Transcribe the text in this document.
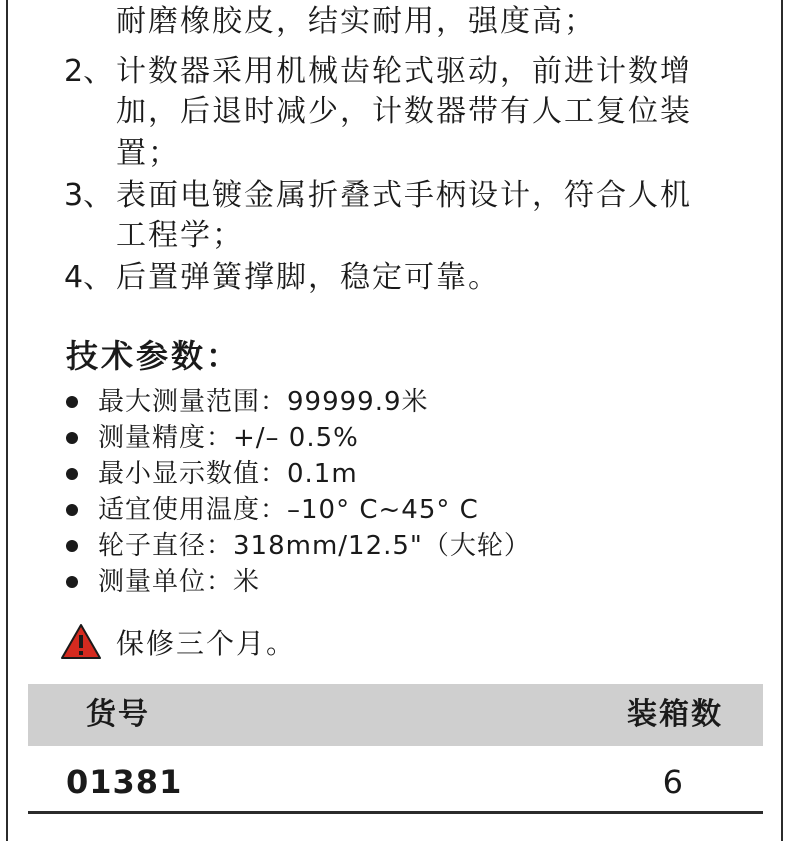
耐磨橡胶皮，结实耐用，强度高；
2、 计数器采用机械齿轮式驱动，前进计数增
加，后退时减少，计数器带有人工复位装
置；
3、 表面电镀金属折叠式手柄设计，符合人机
工程学；
4、 后置弹簧撑脚，稳定可靠。
技术参数：
最大测量范围：99999.9米
测量精度：+/– 0.5%
最小显示数值：0.1m
适宜使用温度：–10° C~45° C
轮子直径：318mm/12.5"（大轮）
测量单位：米
保修三个月。
货号	装箱数
01381	6
